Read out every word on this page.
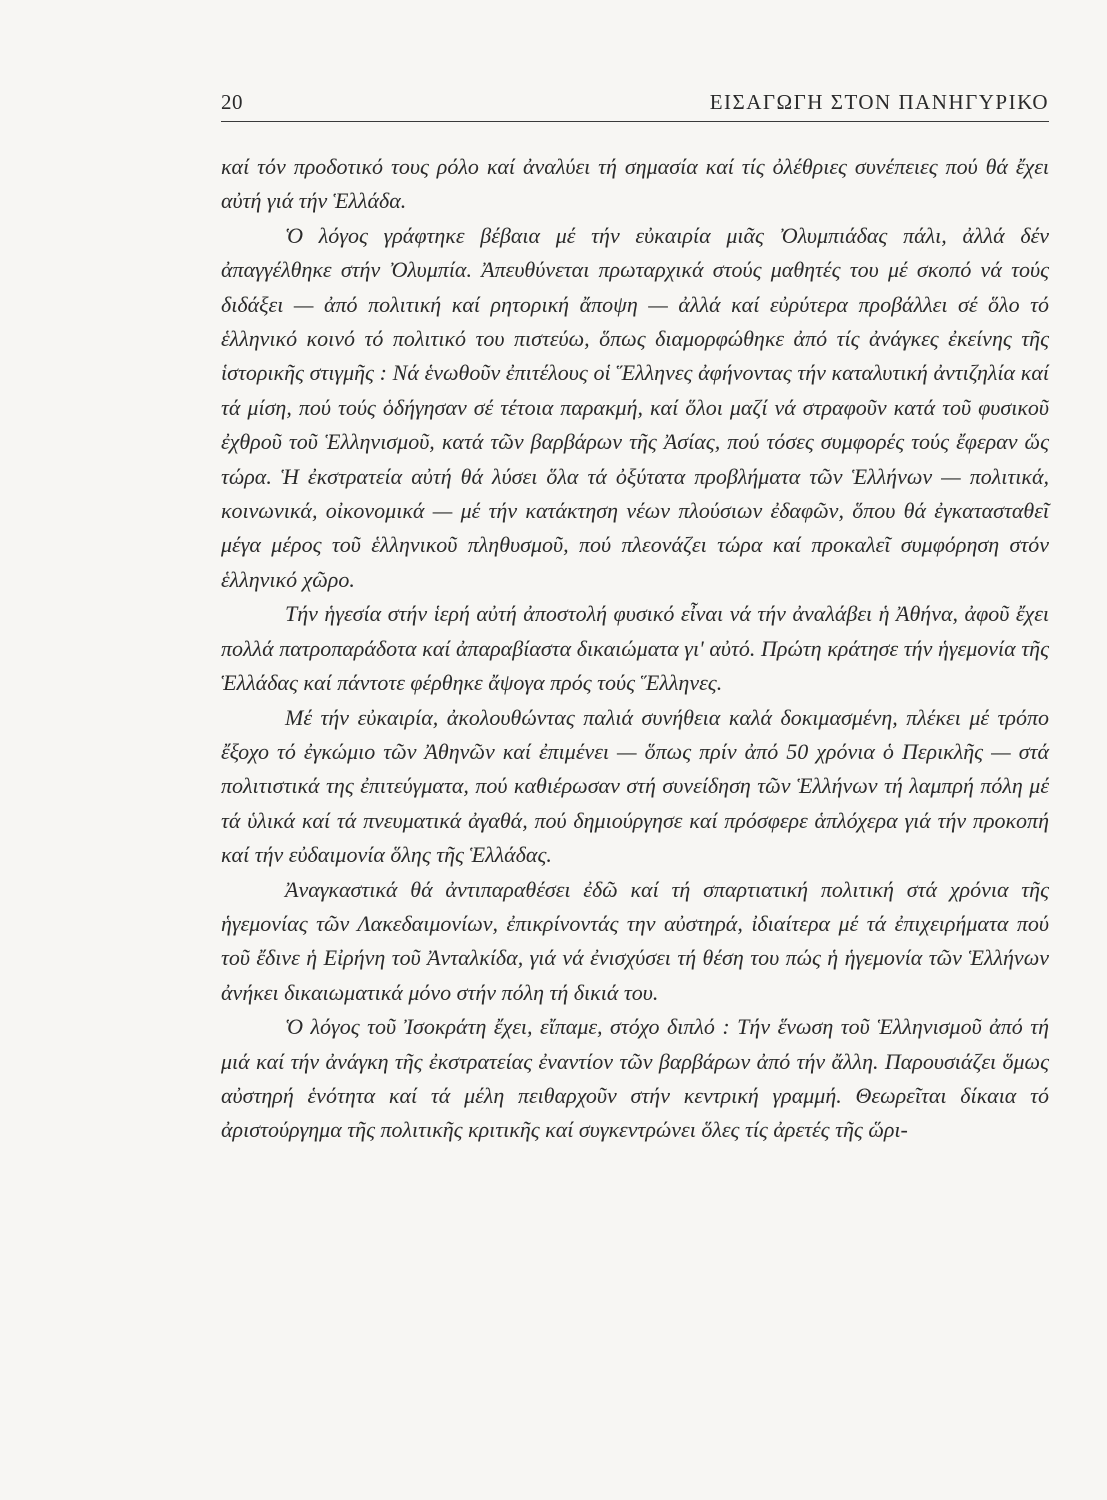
20	ΕΙΣΑΓΩΓΗ ΣΤΟΝ ΠΑΝΗΓΥΡΙΚΟ

καί τόν προδοτικό τους ρόλο καί ἀναλύει τή σημασία καί τίς ὀλέθριες συνέπειες πού θά ἔχει αὐτή γιά τήν Ἑλλάδα.

Ὁ λόγος γράφτηκε βέβαια μέ τήν εὐκαιρία μιᾶς Ὀλυμπιάδας πάλι, ἀλλά δέν ἀπαγγέλθηκε στήν Ὀλυμπία. Ἀπευθύνεται πρωταρχικά στούς μαθητές του μέ σκοπό νά τούς διδάξει — ἀπό πολιτική καί ρητορική ἄποψη — ἀλλά καί εὐρύτερα προβάλλει σέ ὅλο τό ἑλληνικό κοινό τό πολιτικό του πιστεύω, ὅπως διαμορφώθηκε ἀπό τίς ἀνάγκες ἐκείνης τῆς ἱστορικῆς στιγμῆς : Νά ἑνωθοῦν ἐπιτέλους οἱ Ἕλληνες ἀφήνοντας τήν καταλυτική ἀντιζηλία καί τά μίση, πού τούς ὁδήγησαν σέ τέτοια παρακμή, καί ὅλοι μαζί νά στραφοῦν κατά τοῦ φυσικοῦ ἐχθροῦ τοῦ Ἑλληνισμοῦ, κατά τῶν βαρβάρων τῆς Ἀσίας, πού τόσες συμφορές τούς ἔφεραν ὥς τώρα. Ἡ ἐκστρατεία αὐτή θά λύσει ὅλα τά ὀξύτατα προβλήματα τῶν Ἑλλήνων — πολιτικά, κοινωνικά, οἰκονομικά — μέ τήν κατάκτηση νέων πλούσιων ἐδαφῶν, ὅπου θά ἐγκατασταθεῖ μέγα μέρος τοῦ ἑλληνικοῦ πληθυσμοῦ, πού πλεονάζει τώρα καί προκαλεῖ συμφόρηση στόν ἑλληνικό χῶρο.

Τήν ἡγεσία στήν ἱερή αὐτή ἀποστολή φυσικό εἶναι νά τήν ἀναλάβει ἡ Ἀθήνα, ἀφοῦ ἔχει πολλά πατροπαράδοτα καί ἀπαραβίαστα δικαιώματα γι' αὐτό. Πρώτη κράτησε τήν ἡγεμονία τῆς Ἑλλάδας καί πάντοτε φέρθηκε ἄψογα πρός τούς Ἕλληνες.

Μέ τήν εὐκαιρία, ἀκολουθώντας παλιά συνήθεια καλά δοκιμασμένη, πλέκει μέ τρόπο ἔξοχο τό ἐγκώμιο τῶν Ἀθηνῶν καί ἐπιμένει — ὅπως πρίν ἀπό 50 χρόνια ὁ Περικλῆς — στά πολιτιστικά της ἐπιτεύγματα, πού καθιέρωσαν στή συνείδηση τῶν Ἑλλήνων τή λαμπρή πόλη μέ τά ὑλικά καί τά πνευματικά ἀγαθά, πού δημιούργησε καί πρόσφερε ἁπλόχερα γιά τήν προκοπή καί τήν εὐδαιμονία ὅλης τῆς Ἑλλάδας.

Ἀναγκαστικά θά ἀντιπαραθέσει ἐδῶ καί τή σπαρτιατική πολιτική στά χρόνια τῆς ἡγεμονίας τῶν Λακεδαιμονίων, ἐπικρίνοντάς την αὐστηρά, ἰδιαίτερα μέ τά ἐπιχειρήματα πού τοῦ ἔδινε ἡ Εἰρήνη τοῦ Ἀνταλκίδα, γιά νά ἐνισχύσει τή θέση του πώς ἡ ἡγεμονία τῶν Ἑλλήνων ἀνήκει δικαιωματικά μόνο στήν πόλη τή δικιά του.

Ὁ λόγος τοῦ Ἰσοκράτη ἔχει, εἴπαμε, στόχο διπλό : Τήν ἕνωση τοῦ Ἑλληνισμοῦ ἀπό τή μιά καί τήν ἀνάγκη τῆς ἐκστρατείας ἐναντίον τῶν βαρβάρων ἀπό τήν ἄλλη. Παρουσιάζει ὅμως αὐστηρή ἑνότητα καί τά μέλη πειθαρχοῦν στήν κεντρική γραμμή. Θεωρεῖται δίκαια τό ἀριστούργημα τῆς πολιτικῆς κριτικῆς καί συγκεντρώνει ὅλες τίς ἀρετές τῆς ὥρι-
